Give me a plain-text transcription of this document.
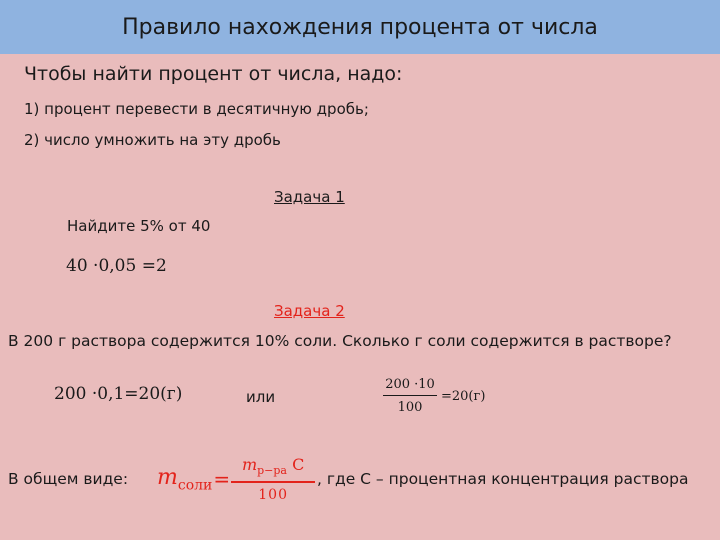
Правило нахождения процента от числа
Чтобы найти процент от числа, надо:
1) процент перевести в десятичную дробь;
2) число умножить на эту дробь
Задача 1
Найдите 5% от 40
40 ·0,05 =2
Задача 2
В 200 г раствора содержится 10% соли. Сколько г соли содержится в растворе?
200 ·0,1=20(г)	или	$\frac{200 \cdot 10}{100} =20(г)$
В общем виде: $m_{соли} = \frac{m_{р-ра} С}{100}$ , где С – процентная концентрация раствора
